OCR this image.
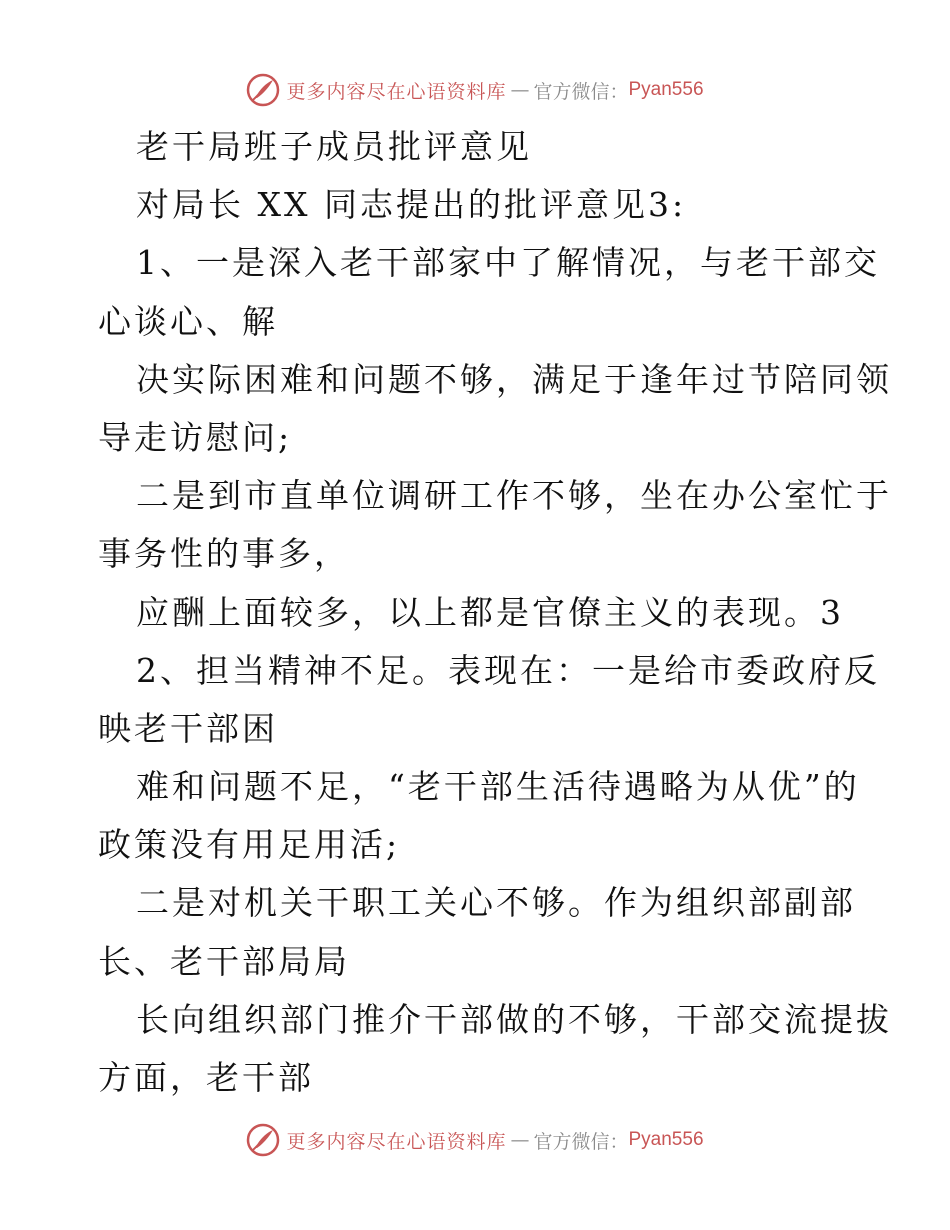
更多内容尽在心语资料库 — 官方微信： Pyan556
老干局班子成员批评意见
对局长 XX 同志提出的批评意见3:
1、一是深入老干部家中了解情况，与老干部交
心谈心、解
决实际困难和问题不够，满足于逢年过节陪同领
导走访慰问;
二是到市直单位调研工作不够，坐在办公室忙于
事务性的事多，
应酬上面较多，以上都是官僚主义的表现。3
2、担当精神不足。表现在：一是给市委政府反
映老干部困
难和问题不足，“老干部生活待遇略为从优”的
政策没有用足用活;
二是对机关干职工关心不够。作为组织部副部
长、老干部局局
长向组织部门推介干部做的不够，干部交流提拔
方面，老干部
更多内容尽在心语资料库 — 官方微信： Pyan556
